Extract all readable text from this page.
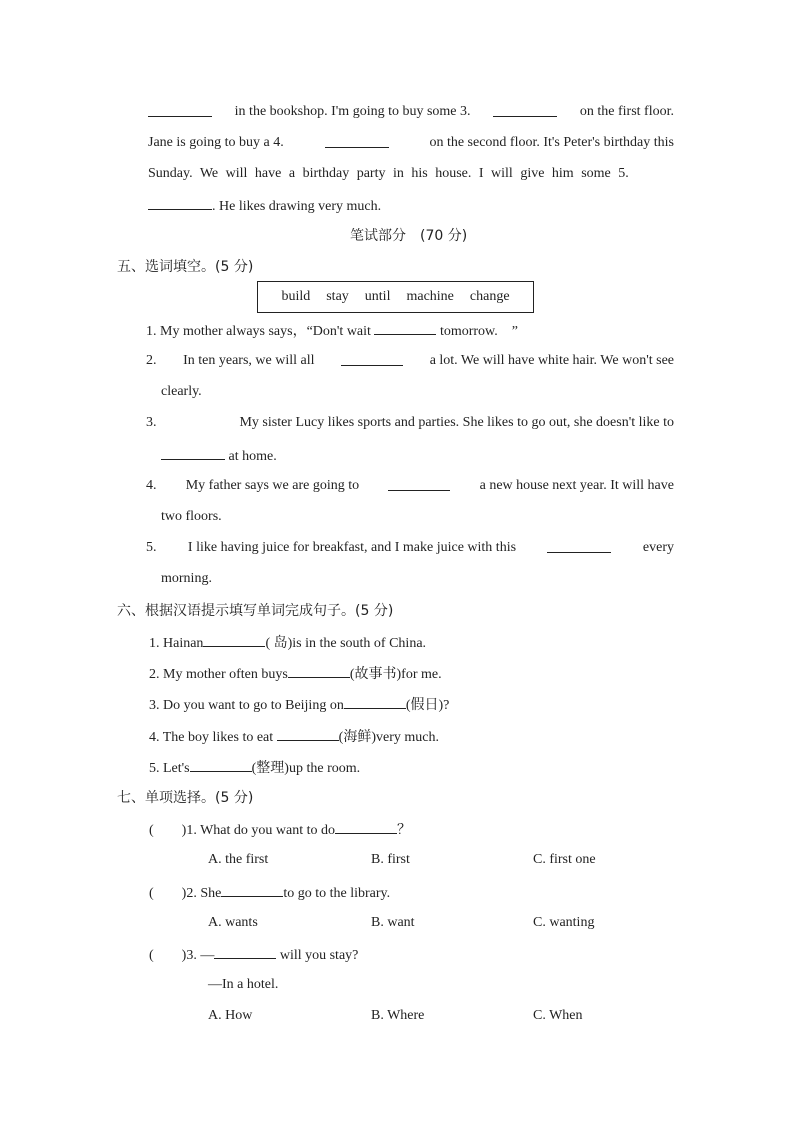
in the bookshop. I'm going to buy some 3.	on the first floor.
Jane is going to buy a 4.	on the second floor. It's Peter's birthday this
Sunday. We will have a birthday party in his house. I will give him some 5.
. He likes drawing very much.
笔试部分　(70 分)
五、选词填空。(5 分)
build stay until machine change
1. My mother always says，“Don't wait	tomorrow.　”
2. In ten years, we will all	a lot. We will have white hair. We won't see
clearly.
3.	My sister Lucy likes sports and parties. She likes to go out, she doesn't like to
at home.
4. My father says we are going to	a new house next year. It will have
two floors.
5. I like having juice for breakfast, and I make juice with this	every
morning.
六、根据汉语提示填写单词完成句子。(5 分)
1. Hainan	( 岛)is in the south of China.
2. My mother often buys	(故事书)for me.
3. Do you want to go to Beijing on	(假日)?
4. The boy likes to eat	(海鲜)very much.
5. Let's	(整理)up the room.
七、单项选择。(5 分)
(　　)1. What do you want to do	？
A. the first	B. first	C. first one
(　　)2. She	to go to the library.
A. wants	B. want	C. wanting
(　　)3. —	will you stay?
—In a hotel.
A. How	B. Where	C. When
